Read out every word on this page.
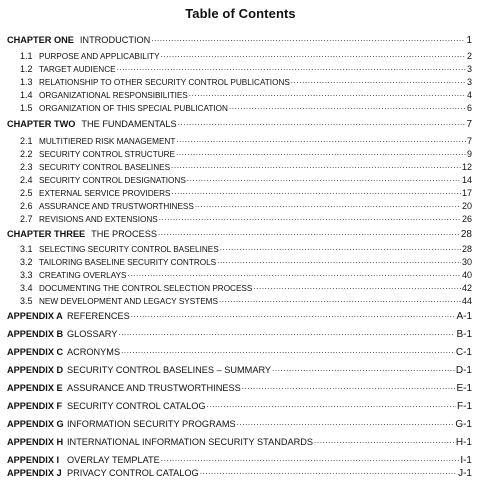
Table of Contents
CHAPTER ONE INTRODUCTION .....	1
1.1 PURPOSE AND APPLICABILITY .....	2
1.2 TARGET AUDIENCE .....	3
1.3 RELATIONSHIP TO OTHER SECURITY CONTROL PUBLICATIONS .....	3
1.4 ORGANIZATIONAL RESPONSIBILITIES .....	4
1.5 ORGANIZATION OF THIS SPECIAL PUBLICATION .....	6
CHAPTER TWO THE FUNDAMENTALS .....	7
2.1 MULTITIERED RISK MANAGEMENT .....	7
2.2 SECURITY CONTROL STRUCTURE .....	9
2.3 SECURITY CONTROL BASELINES .....	12
2.4 SECURITY CONTROL DESIGNATIONS .....	14
2.5 EXTERNAL SERVICE PROVIDERS .....	17
2.6 ASSURANCE AND TRUSTWORTHINESS .....	20
2.7 REVISIONS AND EXTENSIONS .....	26
CHAPTER THREE THE PROCESS .....	28
3.1 SELECTING SECURITY CONTROL BASELINES .....	28
3.2 TAILORING BASELINE SECURITY CONTROLS .....	30
3.3 CREATING OVERLAYS .....	40
3.4 DOCUMENTING THE CONTROL SELECTION PROCESS .....	42
3.5 NEW DEVELOPMENT AND LEGACY SYSTEMS .....	44
APPENDIX A REFERENCES .....	A-1
APPENDIX B GLOSSARY .....	B-1
APPENDIX C ACRONYMS .....	C-1
APPENDIX D SECURITY CONTROL BASELINES – SUMMARY .....	D-1
APPENDIX E ASSURANCE AND TRUSTWORTHINESS .....	E-1
APPENDIX F SECURITY CONTROL CATALOG .....	F-1
APPENDIX G INFORMATION SECURITY PROGRAMS .....	G-1
APPENDIX H INTERNATIONAL INFORMATION SECURITY STANDARDS .....	H-1
APPENDIX I OVERLAY TEMPLATE .....	I-1
APPENDIX J PRIVACY CONTROL CATALOG .....	J-1
